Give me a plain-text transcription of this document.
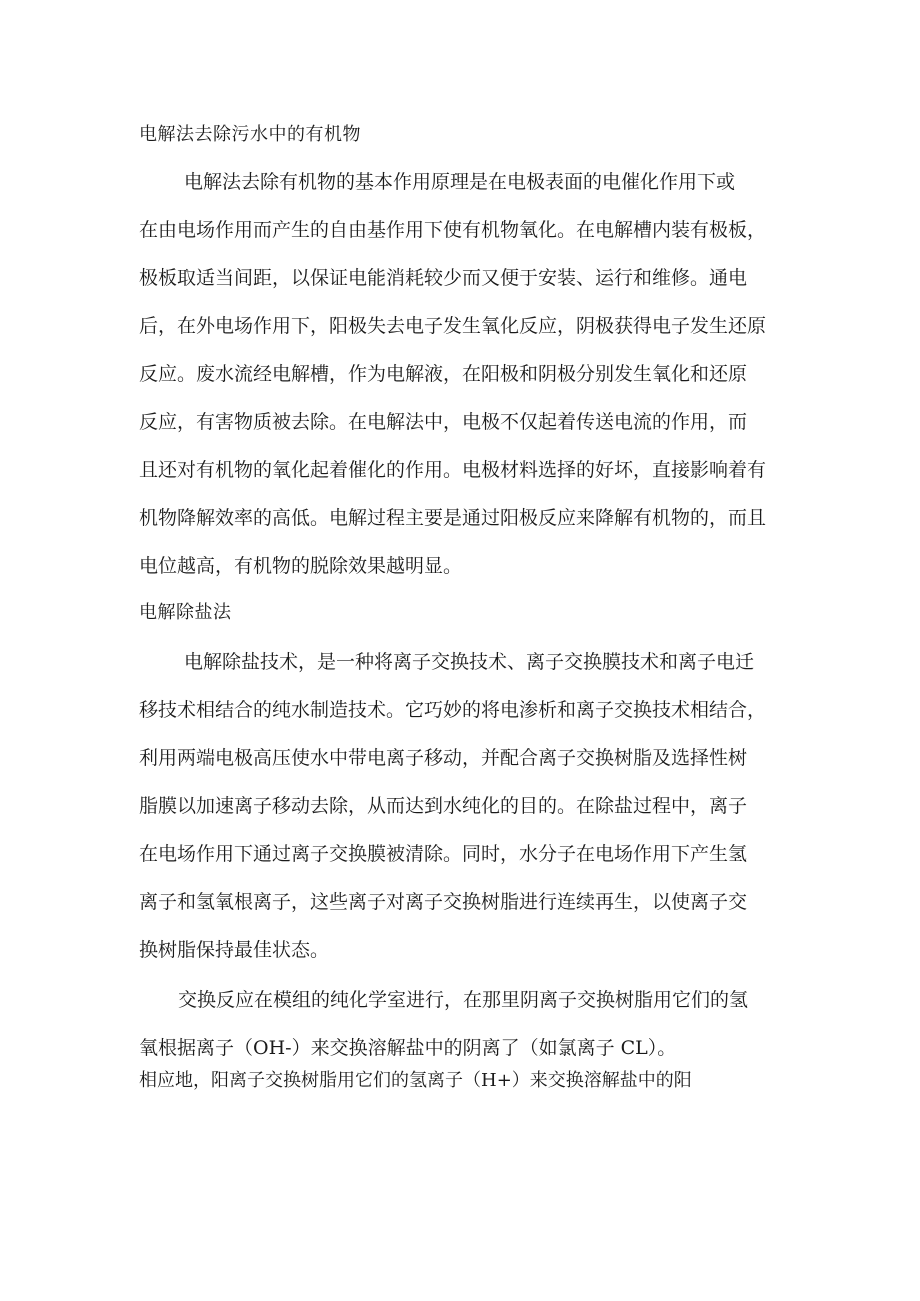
电解法去除污水中的有机物
电解法去除有机物的基本作用原理是在电极表面的电催化作用下或
在由电场作用而产生的自由基作用下使有机物氧化。在电解槽内装有极板，
极板取适当间距，以保证电能消耗较少而又便于安装、运行和维修。通电
后，在外电场作用下，阳极失去电子发生氧化反应，阴极获得电子发生还原
反应。废水流经电解槽，作为电解液，在阳极和阴极分别发生氧化和还原
反应，有害物质被去除。在电解法中，电极不仅起着传送电流的作用，而
且还对有机物的氧化起着催化的作用。电极材料选择的好坏，直接影响着有
机物降解效率的高低。电解过程主要是通过阳极反应来降解有机物的，而且
电位越高，有机物的脱除效果越明显。
电解除盐法
电解除盐技术，是一种将离子交换技术、离子交换膜技术和离子电迁
移技术相结合的纯水制造技术。它巧妙的将电渗析和离子交换技术相结合，
利用两端电极高压使水中带电离子移动，并配合离子交换树脂及选择性树
脂膜以加速离子移动去除，从而达到水纯化的目的。在除盐过程中，离子
在电场作用下通过离子交换膜被清除。同时，水分子在电场作用下产生氢
离子和氢氧根离子，这些离子对离子交换树脂进行连续再生，以使离子交
换树脂保持最佳状态。
交换反应在模组的纯化学室进行，在那里阴离子交换树脂用它们的氢
氧根据离子（OH-）来交换溶解盐中的阴离了（如氯离子 CL）。
相应地，阳离子交换树脂用它们的氢离子（H+）来交换溶解盐中的阳
